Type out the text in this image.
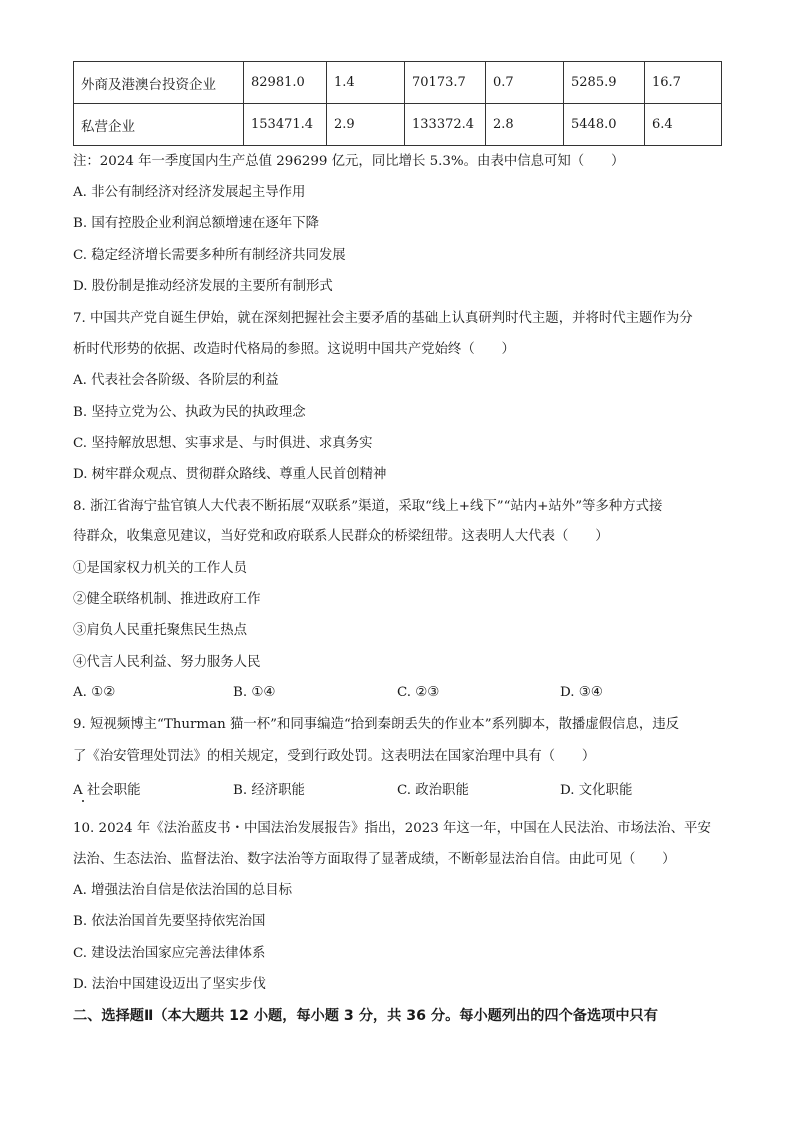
外商及港澳台投资企业	82981.0	1.4	70173.7	0.7	5285.9	16.7
私营企业	153471.4	2.9	133372.4	2.8	5448.0	6.4
注：2024 年一季度国内生产总值 296299 亿元，同比增长 5.3%。由表中信息可知（　　）
A. 非公有制经济对经济发展起主导作用
B. 国有控股企业利润总额增速在逐年下降
C. 稳定经济增长需要多种所有制经济共同发展
D. 股份制是推动经济发展的主要所有制形式
7. 中国共产党自诞生伊始，就在深刻把握社会主要矛盾的基础上认真研判时代主题，并将时代主题作为分
析时代形势的依据、改造时代格局的参照。这说明中国共产党始终（　　）
A. 代表社会各阶级、各阶层的利益
B. 坚持立党为公、执政为民的执政理念
C. 坚持解放思想、实事求是、与时俱进、求真务实
D. 树牢群众观点、贯彻群众路线、尊重人民首创精神
8. 浙江省海宁盐官镇人大代表不断拓展“双联系”渠道，采取“线上+线下”“站内+站外”等多种方式接
待群众，收集意见建议，当好党和政府联系人民群众的桥梁纽带。这表明人大代表（　　）
①是国家权力机关的工作人员
②健全联络机制、推进政府工作
③肩负人民重托聚焦民生热点
④代言人民利益、努力服务人民
A. ①②	B. ①④	C. ②③	D. ③④
9. 短视频博主“Thurman 猫一杯”和同事编造“拾到秦朗丢失的作业本”系列脚本，散播虚假信息，违反
了《治安管理处罚法》的相关规定，受到行政处罚。这表明法在国家治理中具有（　　）
A 社会职能	B. 经济职能	C. 政治职能	D. 文化职能
10. 2024 年《法治蓝皮书・中国法治发展报告》指出，2023 年这一年，中国在人民法治、市场法治、平安
法治、生态法治、监督法治、数字法治等方面取得了显著成绩，不断彰显法治自信。由此可见（　　）
A. 增强法治自信是依法治国的总目标
B. 依法治国首先要坚持依宪治国
C. 建设法治国家应完善法律体系
D. 法治中国建设迈出了坚实步伐
二、选择题Ⅱ（本大题共 12 小题，每小题 3 分，共 36 分。每小题列出的四个备选项中只有
